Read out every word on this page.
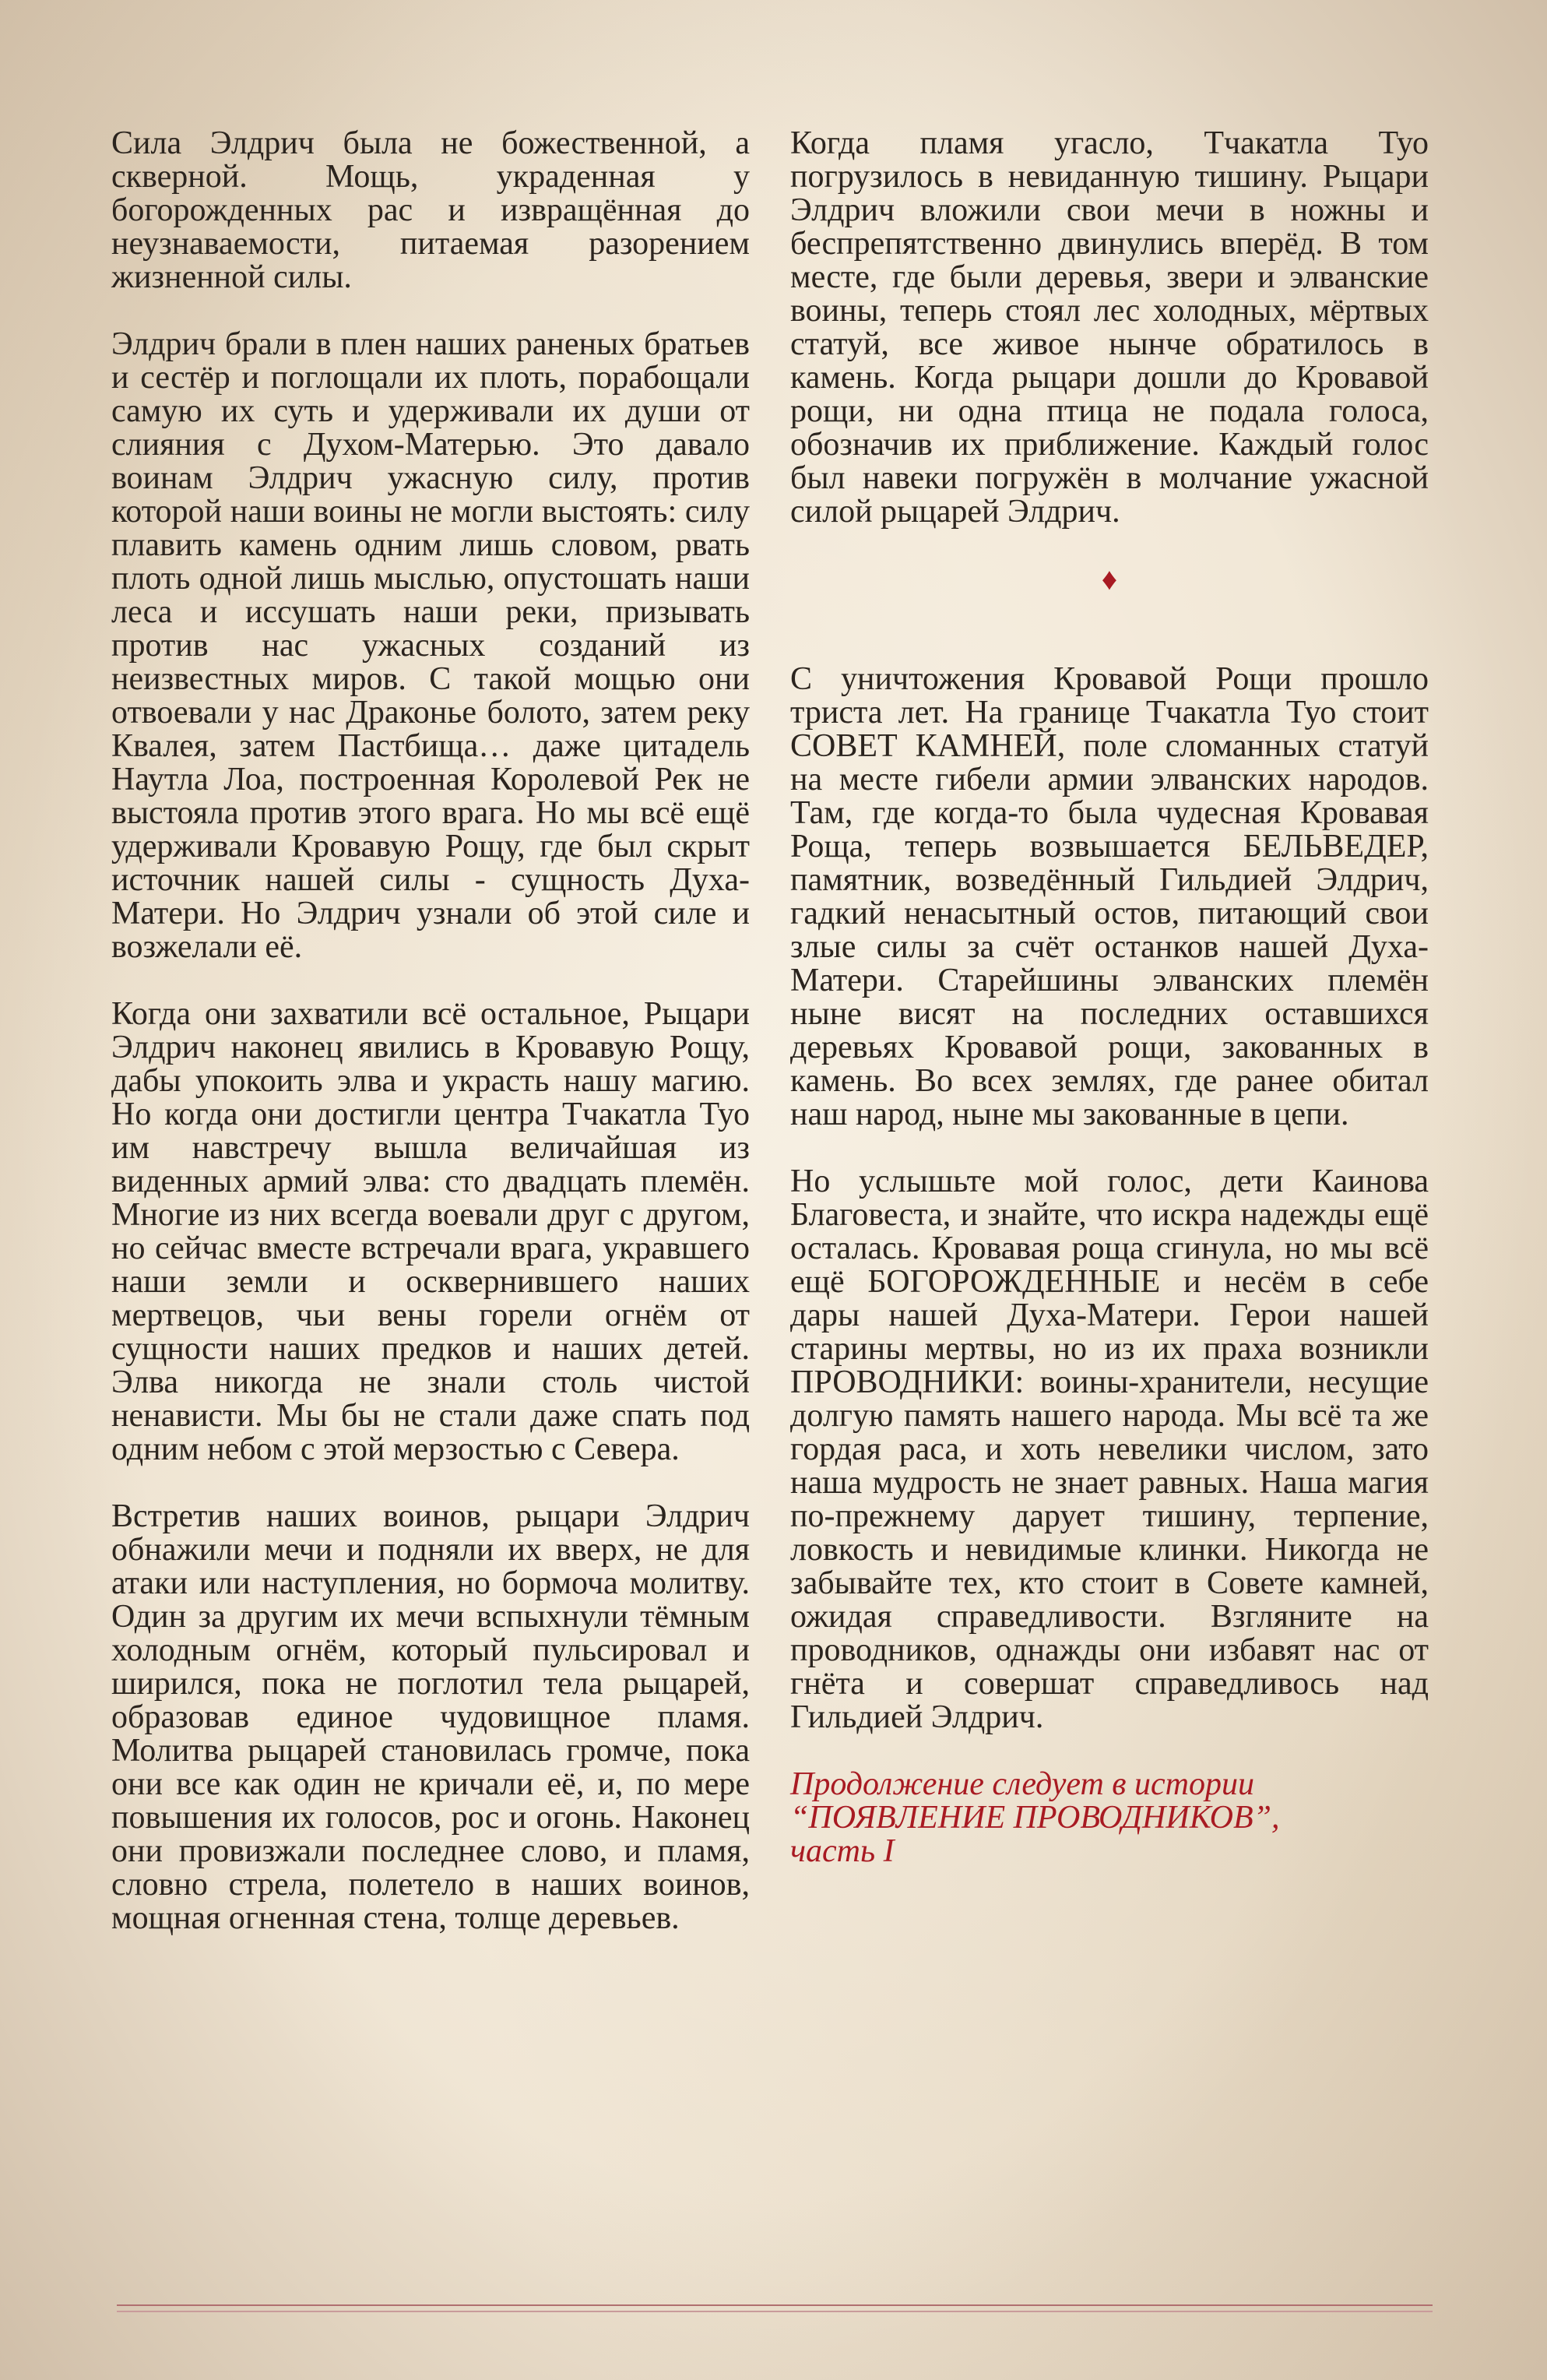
Сила Элдрич была не божественной, а скверной. Мощь, украденная у богорожденных рас и извращённая до неузнаваемости, питаемая разорением жизненной силы.

Элдрич брали в плен наших раненых братьев и сестёр и поглощали их плоть, порабощали самую их суть и удерживали их души от слияния с Духом-Матерью. Это давало воинам Элдрич ужасную силу, против которой наши воины не могли выстоять: силу плавить камень одним лишь словом, рвать плоть одной лишь мыслью, опустошать наши леса и иссушать наши реки, призывать против нас ужасных созданий из неизвестных миров. С такой мощью они отвоевали у нас Драконье болото, затем реку Квалея, затем Пастбища… даже цитадель Наутла Лоа, построенная Королевой Рек не выстояла против этого врага. Но мы всё ещё удерживали Кровавую Рощу, где был скрыт источник нашей силы - сущность Духа-Матери. Но Элдрич узнали об этой силе и возжелали её.

Когда они захватили всё остальное, Рыцари Элдрич наконец явились в Кровавую Рощу, дабы упокоить элва и украсть нашу магию. Но когда они достигли центра Тчакатла Туо им навстречу вышла величайшая из виденных армий элва: сто двадцать племён. Многие из них всегда воевали друг с другом, но сейчас вместе встречали врага, укравшего наши земли и осквернившего наших мертвецов, чьи вены горели огнём от сущности наших предков и наших детей. Элва никогда не знали столь чистой ненависти. Мы бы не стали даже спать под одним небом с этой мерзостью с Севера.

Встретив наших воинов, рыцари Элдрич обнажили мечи и подняли их вверх, не для атаки или наступления, но бормоча молитву. Один за другим их мечи вспыхнули тёмным холодным огнём, который пульсировал и ширился, пока не поглотил тела рыцарей, образовав единое чудовищное пламя. Молитва рыцарей становилась громче, пока они все как один не кричали её, и, по мере повышения их голосов, рос и огонь. Наконец они провизжали последнее слово, и пламя, словно стрела, полетело в наших воинов, мощная огненная стена, толще деревьев.

Когда пламя угасло, Тчакатла Туо погрузилось в невиданную тишину. Рыцари Элдрич вложили свои мечи в ножны и беспрепятственно двинулись вперёд. В том месте, где были деревья, звери и элванские воины, теперь стоял лес холодных, мёртвых статуй, все живое нынче обратилось в камень. Когда рыцари дошли до Кровавой рощи, ни одна птица не подала голоса, обозначив их приближение. Каждый голос был навеки погружён в молчание ужасной силой рыцарей Элдрич.

♦

С уничтожения Кровавой Рощи прошло триста лет. На границе Тчакатла Туо стоит СОВЕТ КАМНЕЙ, поле сломанных статуй на месте гибели армии элванских народов. Там, где когда-то была чудесная Кровавая Роща, теперь возвышается БЕЛЬВЕДЕР, памятник, возведённый Гильдией Элдрич, гадкий ненасытный остов, питающий свои злые силы за счёт останков нашей Духа-Матери. Старейшины элванских племён ныне висят на последних оставшихся деревьях Кровавой рощи, закованных в камень. Во всех землях, где ранее обитал наш народ, ныне мы закованные в цепи.

Но услышьте мой голос, дети Каинова Благовеста, и знайте, что искра надежды ещё осталась. Кровавая роща сгинула, но мы всё ещё БОГОРОЖДЕННЫЕ и несём в себе дары нашей Духа-Матери. Герои нашей старины мертвы, но из их праха возникли ПРОВОДНИКИ: воины-хранители, несущие долгую память нашего народа. Мы всё та же гордая раса, и хоть невелики числом, зато наша мудрость не знает равных. Наша магия по-прежнему дарует тишину, терпение, ловкость и невидимые клинки. Никогда не забывайте тех, кто стоит в Совете камней, ожидая справедливости. Взгляните на проводников, однажды они избавят нас от гнёта и совершат справедливось над Гильдией Элдрич.

Продолжение следует в истории
“ПОЯВЛЕНИЕ ПРОВОДНИКОВ”,
часть I
